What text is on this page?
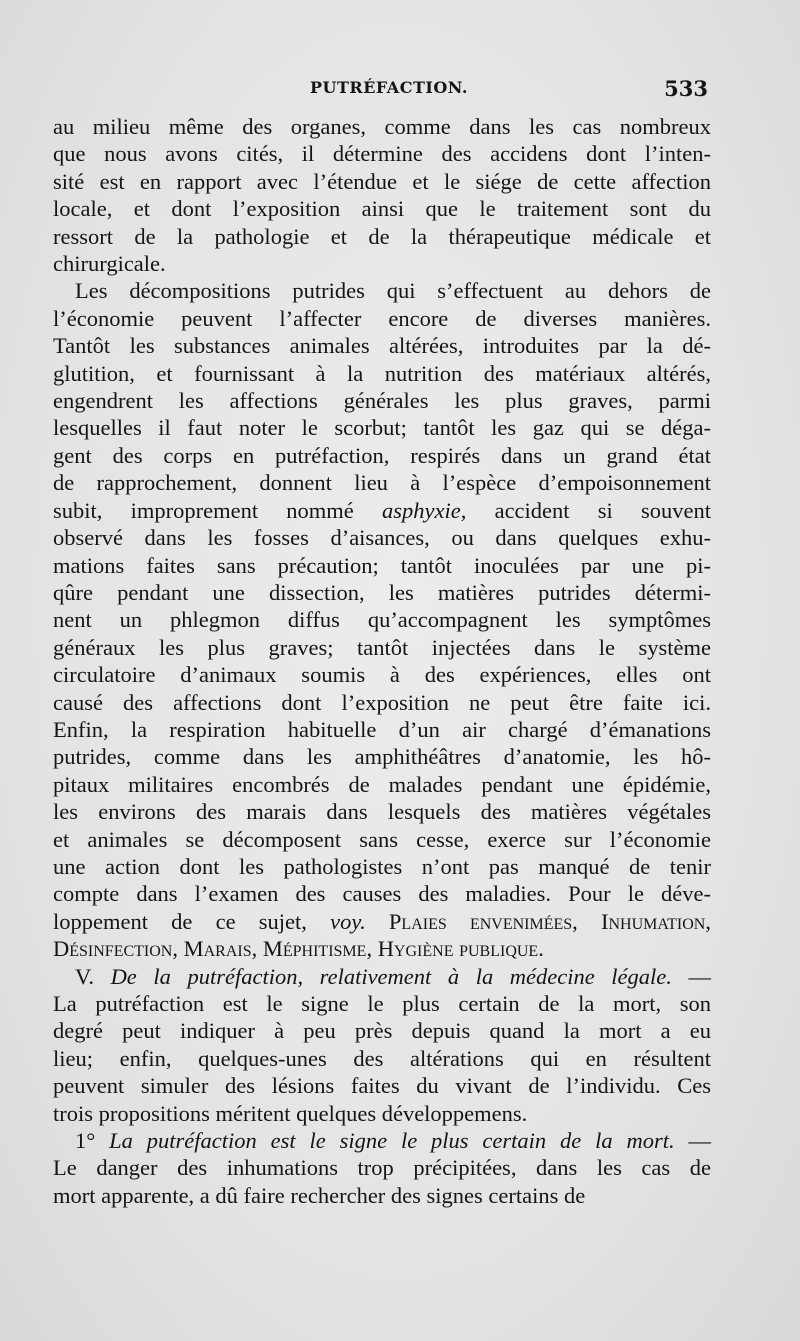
PUTRÉFACTION.	533
au milieu même des organes, comme dans les cas nombreux
que nous avons cités, il détermine des accidens dont l’inten-
sité est en rapport avec l’étendue et le siége de cette affection
locale, et dont l’exposition ainsi que le traitement sont du
ressort de la pathologie et de la thérapeutique médicale et
chirurgicale.
Les décompositions putrides qui s’effectuent au dehors de
l’économie peuvent l’affecter encore de diverses manières.
Tantôt les substances animales altérées, introduites par la dé-
glutition, et fournissant à la nutrition des matériaux altérés,
engendrent les affections générales les plus graves, parmi
lesquelles il faut noter le scorbut; tantôt les gaz qui se déga-
gent des corps en putréfaction, respirés dans un grand état
de rapprochement, donnent lieu à l’espèce d’empoisonnement
subit, improprement nommé asphyxie, accident si souvent
observé dans les fosses d’aisances, ou dans quelques exhu-
mations faites sans précaution; tantôt inoculées par une pi-
qûre pendant une dissection, les matières putrides détermi-
nent un phlegmon diffus qu’accompagnent les symptômes
généraux les plus graves; tantôt injectées dans le système
circulatoire d’animaux soumis à des expériences, elles ont
causé des affections dont l’exposition ne peut être faite ici.
Enfin, la respiration habituelle d’un air chargé d’émanations
putrides, comme dans les amphithéâtres d’anatomie, les hô-
pitaux militaires encombrés de malades pendant une épidémie,
les environs des marais dans lesquels des matières végétales
et animales se décomposent sans cesse, exerce sur l’économie
une action dont les pathologistes n’ont pas manqué de tenir
compte dans l’examen des causes des maladies. Pour le déve-
loppement de ce sujet, voy. Plaies envenimées, Inhumation,
Désinfection, Marais, Méphitisme, Hygiène publique.
V. De la putréfaction, relativement à la médecine légale. —
La putréfaction est le signe le plus certain de la mort, son
degré peut indiquer à peu près depuis quand la mort a eu
lieu; enfin, quelques-unes des altérations qui en résultent
peuvent simuler des lésions faites du vivant de l’individu. Ces
trois propositions méritent quelques développemens.
1° La putréfaction est le signe le plus certain de la mort. —
Le danger des inhumations trop précipitées, dans les cas de
mort apparente, a dû faire rechercher des signes certains de
